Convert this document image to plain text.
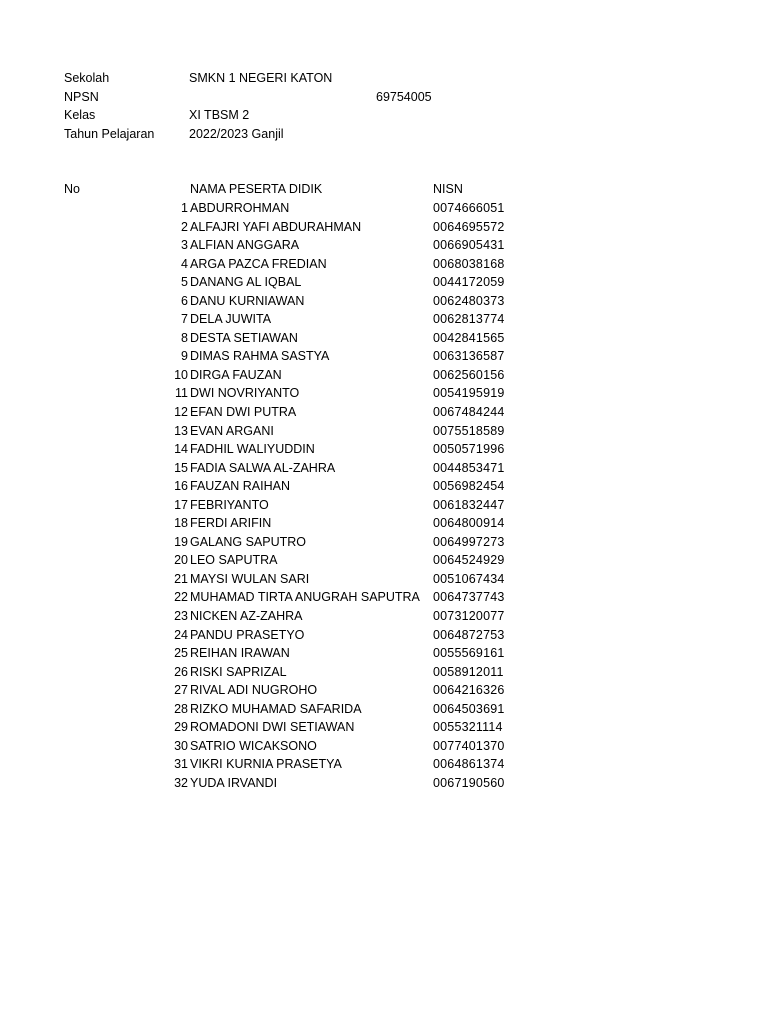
Sekolah	SMKN 1 NEGERI KATON
NPSN	69754005
Kelas	XI TBSM 2
Tahun Pelajaran	2022/2023 Ganjil
No	NAMA PESERTA DIDIK	NISN
1 ABDURROHMAN	0074666051
2 ALFAJRI YAFI ABDURAHMAN	0064695572
3 ALFIAN ANGGARA	0066905431
4 ARGA PAZCA FREDIAN	0068038168
5 DANANG AL IQBAL	0044172059
6 DANU KURNIAWAN	0062480373
7 DELA JUWITA	0062813774
8 DESTA SETIAWAN	0042841565
9 DIMAS RAHMA SASTYA	0063136587
10 DIRGA FAUZAN	0062560156
11 DWI NOVRIYANTO	0054195919
12 EFAN DWI PUTRA	0067484244
13 EVAN ARGANI	0075518589
14 FADHIL WALIYUDDIN	0050571996
15 FADIA SALWA AL-ZAHRA	0044853471
16 FAUZAN RAIHAN	0056982454
17 FEBRIYANTO	0061832447
18 FERDI ARIFIN	0064800914
19 GALANG SAPUTRO	0064997273
20 LEO SAPUTRA	0064524929
21 MAYSI WULAN SARI	0051067434
22 MUHAMAD TIRTA ANUGRAH SAPUTRA 0064737743
23 NICKEN AZ-ZAHRA	0073120077
24 PANDU PRASETYO	0064872753
25 REIHAN IRAWAN	0055569161
26 RISKI SAPRIZAL	0058912011
27 RIVAL ADI NUGROHO	0064216326
28 RIZKO MUHAMAD SAFARIDA	0064503691
29 ROMADONI DWI SETIAWAN	0055321114
30 SATRIO WICAKSONO	0077401370
31 VIKRI KURNIA PRASETYA	0064861374
32 YUDA IRVANDI	0067190560
